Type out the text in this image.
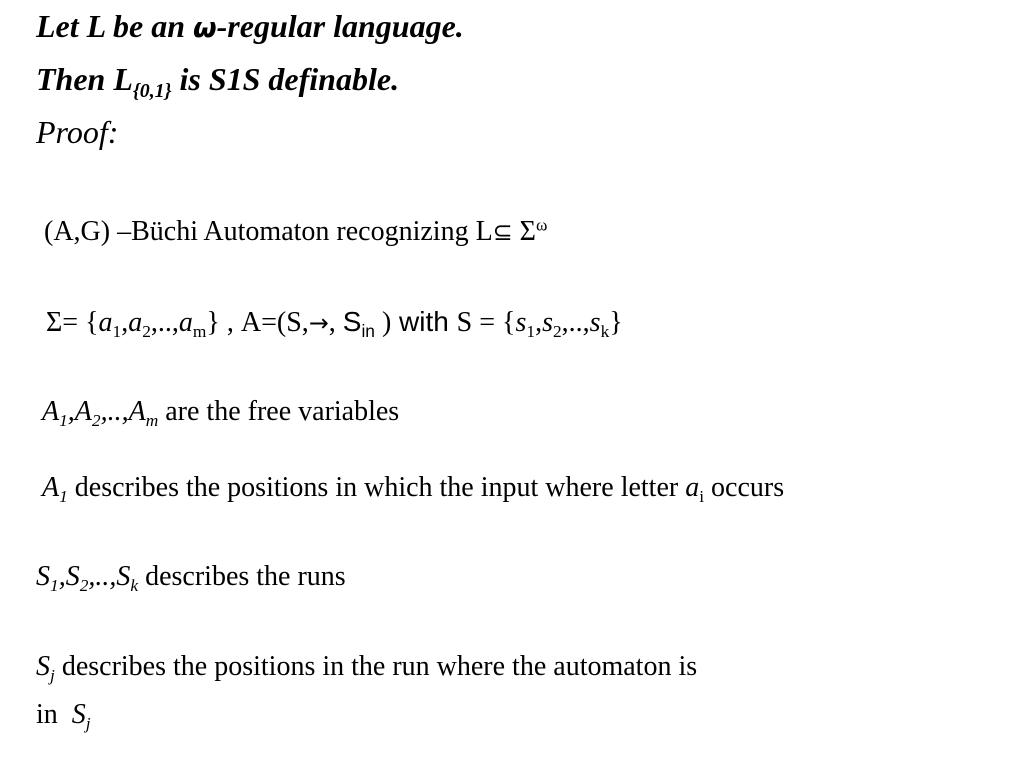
Let L be an ω-regular language.
Then $L_{\{0,1\}}$ is S1S definable.
Proof:
(A,G) –Büchi Automaton recognizing L⊆ $\Sigma^\omega$
$\Sigma= \{a_1,a_2,..,a_m\}$ , A=(S,→, $S_{in}$ ) with $S = \{s_1,s_2,..,s_k\}$
$A_1,A_2,..,A_m$ are the free variables
$A_1$ describes the positions in which the input where letter $a_i$ occurs
$S_1,S_2,..,S_k$ describes the runs
$S_j$ describes the positions in the run where the automaton is
in  $S_j$
